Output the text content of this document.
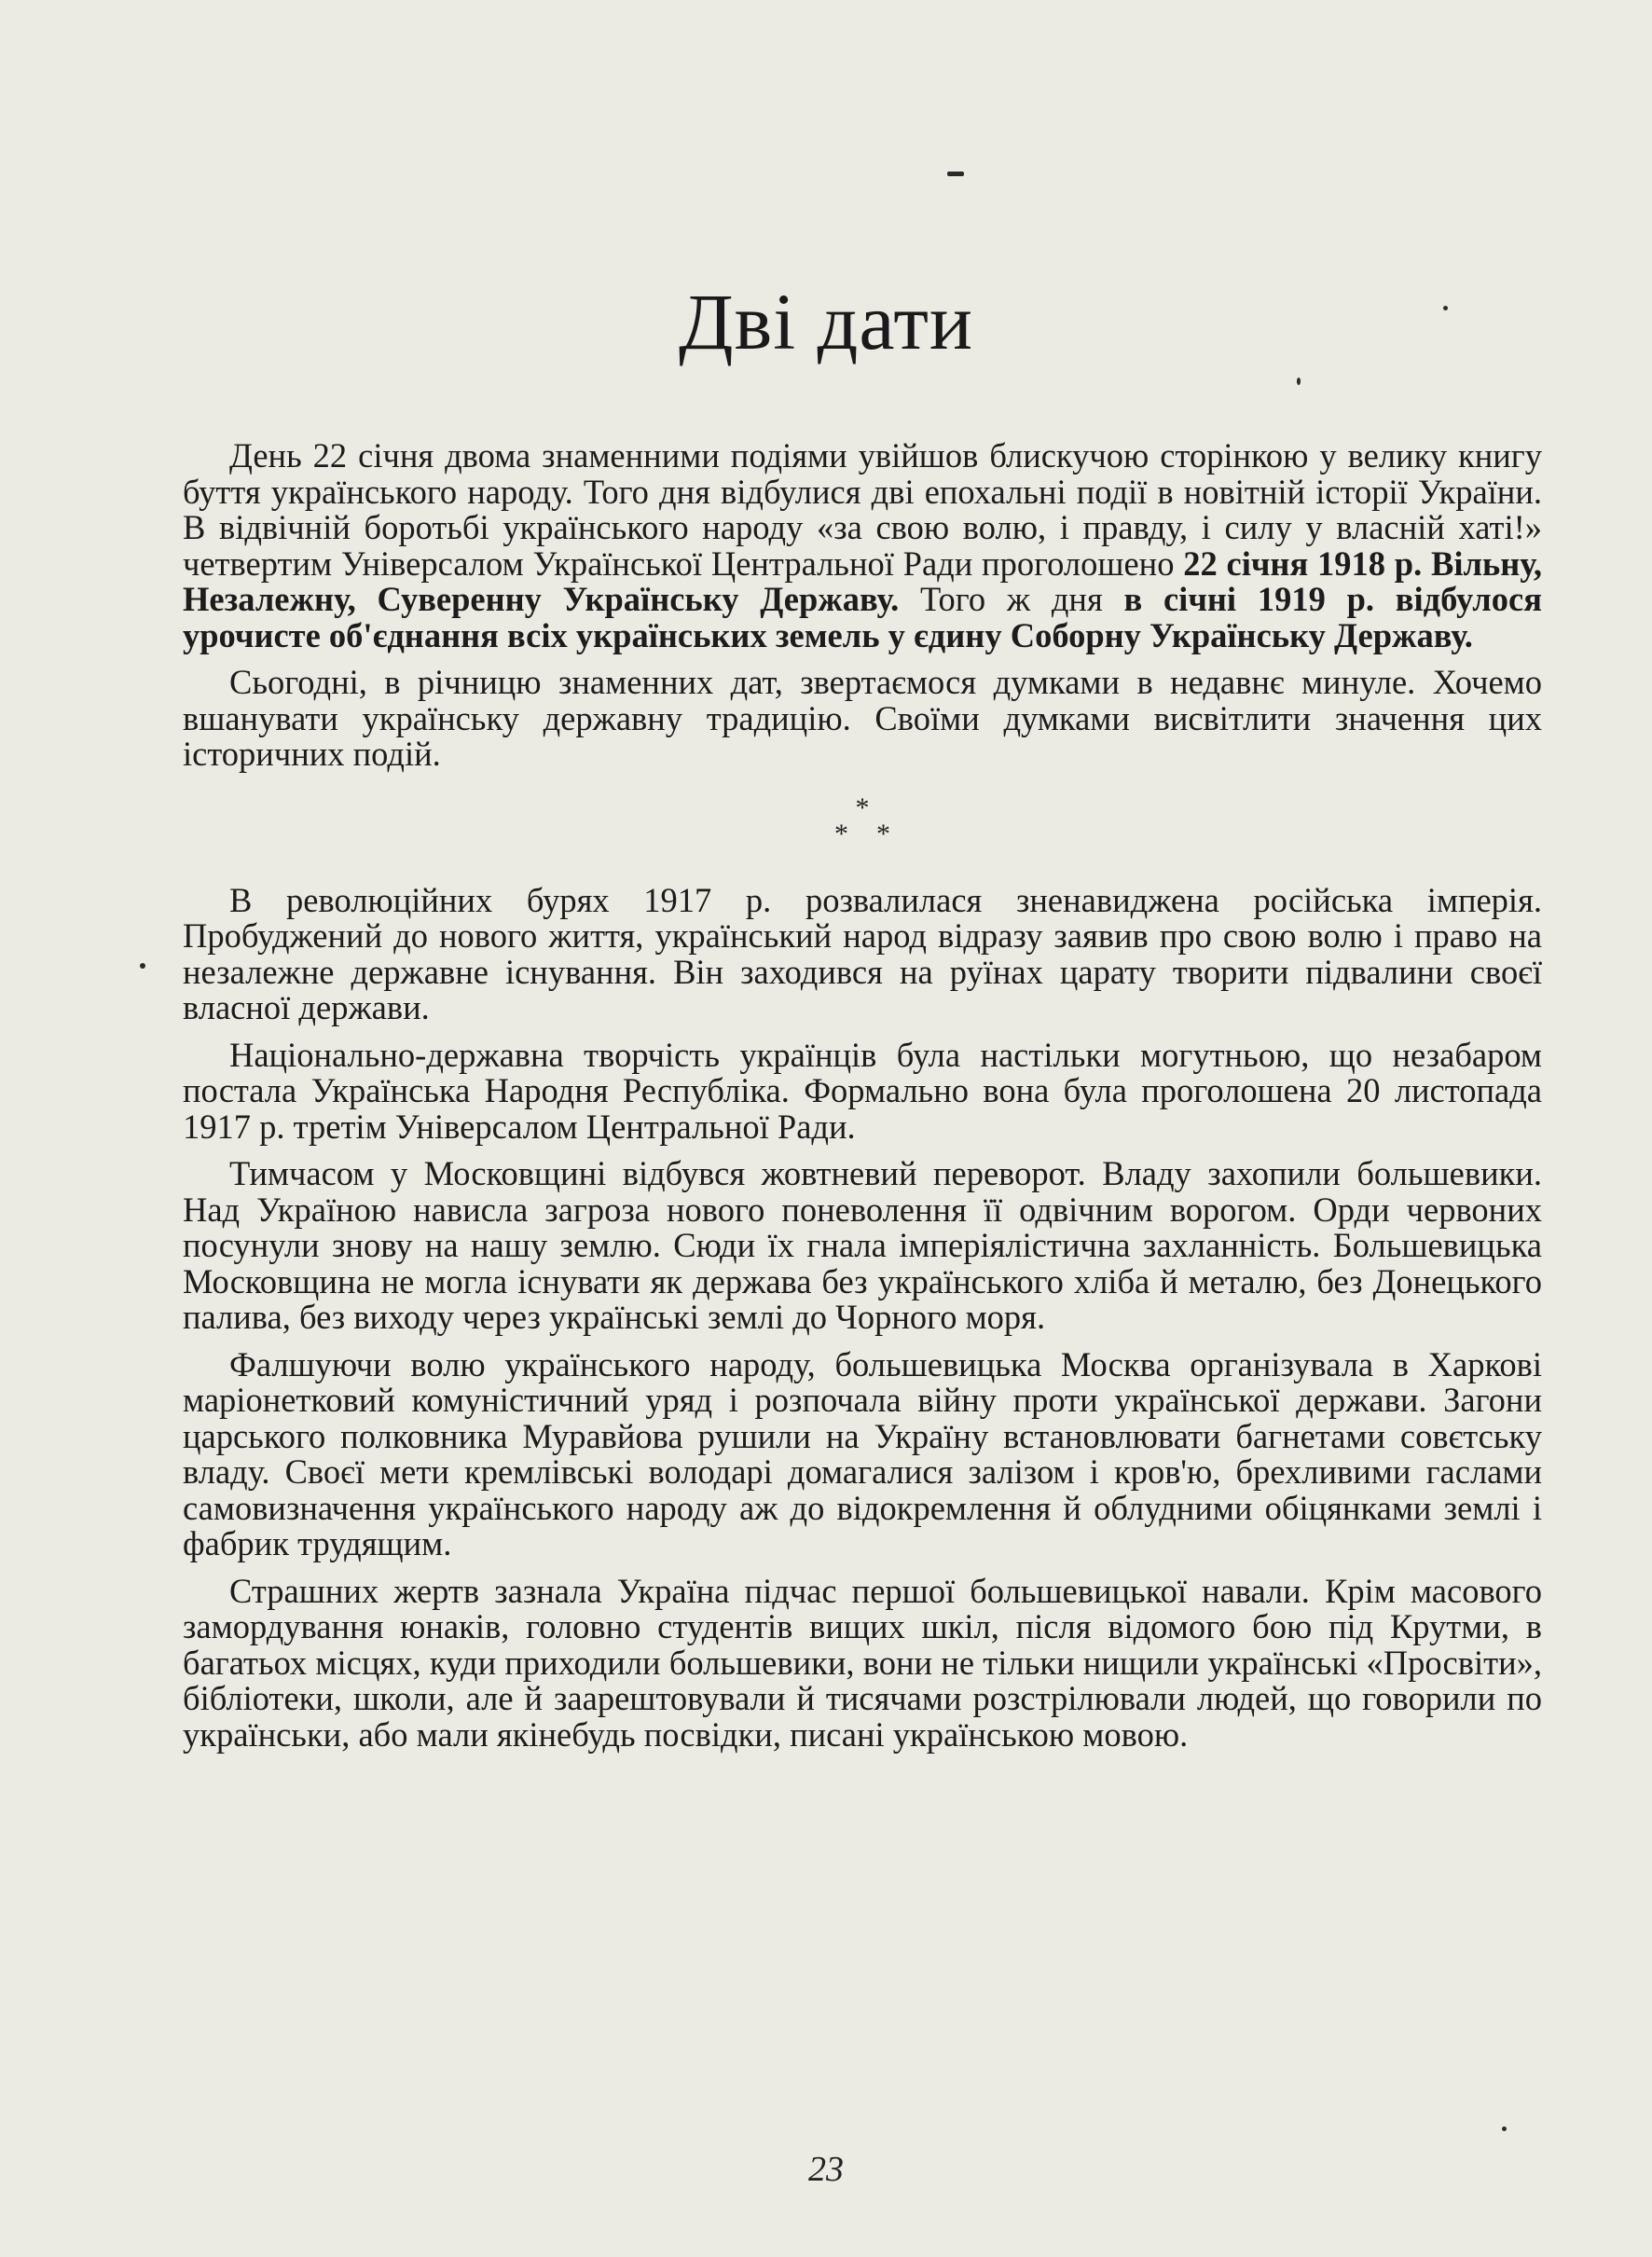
Дві дати

День 22 січня двома знаменними подіями увійшов блискучою сторінкою у велику книгу буття українського народу. Того дня відбулися дві епохальні події в новітній історії України. В відвічній боротьбі українського народу «за свою волю, і правду, і силу у власній хаті!» четвертим Універсалом Української Центральної Ради проголошено 22 січня 1918 р. Вільну, Незалежну, Суверенну Українську Державу. Того ж дня в січні 1919 р. відбулося урочисте об'єднання всіх українських земель у єдину Соборну Українську Державу.

Сьогодні, в річницю знаменних дат, звертаємося думками в недавнє минуле. Хочемо вшанувати українську державну традицію. Своїми думками висвітлити значення цих історичних подій.

*
*    *

В революційних бурях 1917 р. розвалилася зненавиджена російська імперія. Пробуджений до нового життя, український народ відразу заявив про свою волю і право на незалежне державне існування. Він заходився на руїнах царату творити підвалини своєї власної держави.

Національно-державна творчість українців була настільки могутньою, що незабаром постала Українська Народня Республіка. Формально вона була проголошена 20 листопада 1917 р. третім Універсалом Центральної Ради.

Тимчасом у Московщині відбувся жовтневий переворот. Владу захопили большевики. Над Україною нависла загроза нового поневолення її одвічним ворогом. Орди червоних посунули знову на нашу землю. Сюди їх гнала імперіялістична захланність. Большевицька Московщина не могла існувати як держава без українського хліба й металю, без Донецького палива, без виходу через українські землі до Чорного моря.

Фалшуючи волю українського народу, большевицька Москва організувала в Харкові маріонетковий комуністичний уряд і розпочала війну проти української держави. Загони царського полковника Муравйова рушили на Україну встановлювати багнетами совєтську владу. Своєї мети кремлівські володарі домагалися залізом і кров'ю, брехливими гаслами самовизначення українського народу аж до відокремлення й облудними обіцянками землі і фабрик трудящим.

Страшних жертв зазнала Україна підчас першої большевицької навали. Крім масового замордування юнаків, головно студентів вищих шкіл, після відомого бою під Крутми, в багатьох місцях, куди приходили большевики, вони не тільки нищили українські «Просвіти», бібліотеки, школи, але й заарештовували й тисячами розстрілювали людей, що говорили по українськи, або мали якінебудь посвідки, писані українською мовою.

23
